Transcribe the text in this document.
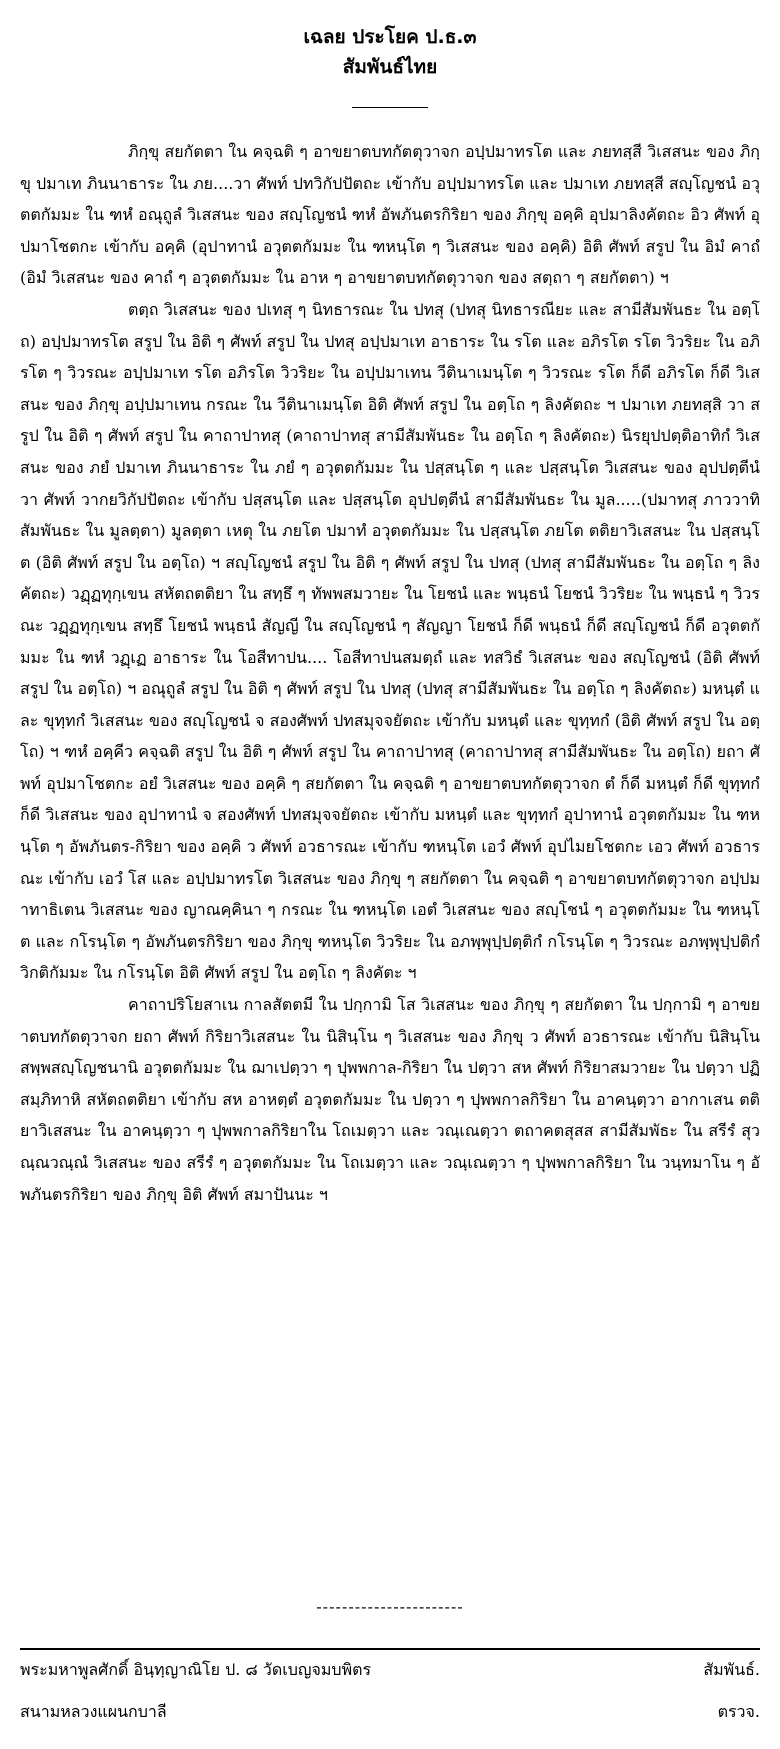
เฉลย ประโยค ป.ธ.๓
สัมพันธ์ไทย

ภิกฺขุ สยกัตตา ใน คจฺฉติ ๆ อาขยาตบทกัตตุวาจก อปฺปมาทรโต และ ภยทสฺสี วิเสสนะ ของ ภิกฺขุ ปมาเท ภินนาธาระ ใน ภย....วา ศัพท์ ปทวิกัปปัตถะ เข้ากับ อปฺปมาทรโต และ ปมาเท ภยทสฺสี สญฺโญชนํ อวุตตกัมมะ ใน ฑหํ อณุถูลํ วิเสสนะ ของ สญฺโญชนํ ฑหํ อัพภันตรกิริยา ของ ภิกฺขุ อคฺคิ อุปมาลิงคัตถะ อิว ศัพท์ อุปมาโชตกะ เข้ากับ อคฺคิ (อุปาทานํ อวุตตกัมมะ ใน ฑหนฺโต ๆ วิเสสนะ ของ อคฺคิ) อิติ ศัพท์ สรูป ใน อิมํ คาถํ (อิมํ วิเสสนะ ของ คาถํ ๆ อวุตตกัมมะ ใน อาห ๆ อาขยาตบทกัตตุวาจก ของ สตฺถา ๆ สยกัตตา) ฯ

ตตฺถ วิเสสนะ ของ ปเทสุ ๆ นิทธารณะ ใน ปทสุ (ปทสุ นิทธารณียะ และ สามีสัมพันธะ ใน อตฺโถ) อปฺปมาทรโต สรูป ใน อิติ ๆ ศัพท์ สรูป ใน ปทสุ อปฺปมาเท อาธาระ ใน รโต และ อภิรโต รโต วิวริยะ ใน อภิรโต ๆ วิวรณะ อปฺปมาเท รโต อภิรโต วิวริยะ ใน อปฺปมาเทน วีตินาเมนฺโต ๆ วิวรณะ รโต ก็ดี อภิรโต ก็ดี วิเสสนะ ของ ภิกฺขุ อปฺปมาเทน กรณะ ใน วีตินาเมนฺโต อิติ ศัพท์ สรูป ใน อตฺโถ ๆ ลิงคัตถะ ฯ ปมาเท ภยทสฺสิ วา สรูป ใน อิติ ๆ ศัพท์ สรูป ใน คาถาปาทสุ (คาถาปาทสุ สามีสัมพันธะ ใน อตฺโถ ๆ ลิงคัตถะ) นิรยุปปตฺติอาทิกํ วิเสสนะ ของ ภยํ ปมาเท ภินนาธาระ ใน ภยํ ๆ อวุตตกัมมะ ใน ปสฺสนฺโต ๆ และ ปสฺสนฺโต วิเสสนะ ของ อุปปตฺตีนํ วา ศัพท์ วากยวิกัปปัตถะ เข้ากับ ปสฺสนฺโต และ ปสฺสนฺโต อุปปตฺตีนํ สามีสัมพันธะ ใน มูล.....(ปมาทสุ ภาววาทิสัมพันธะ ใน มูลตฺตา) มูลตฺตา เหตุ ใน ภยโต ปมาทํ อวุตตกัมมะ ใน ปสฺสนฺโต ภยโต ตติยาวิเสสนะ ใน ปสฺสนฺโต (อิติ ศัพท์ สรูป ใน อตฺโถ) ฯ สญฺโญชนํ สรูป ใน อิติ ๆ ศัพท์ สรูป ใน ปทสุ (ปทสุ สามีสัมพันธะ ใน อตฺโถ ๆ ลิงคัตถะ) วฏฺฏทุกฺเขน สหัตถตติยา ใน สทฺธึ ๆ ทัพพสมวายะ ใน โยชนํ และ พนฺธนํ โยชนํ วิวริยะ ใน พนฺธนํ ๆ วิวรณะ วฏฺฏทุกฺเขน สทฺธึ โยชนํ พนฺธนํ สัญญี ใน สญฺโญชนํ ๆ สัญญา โยชนํ ก็ดี พนฺธนํ ก็ดี สญฺโญชนํ ก็ดี อวุตตกัมมะ ใน ฑหํ วฏฺเฏ อาธาระ ใน โอสีทาปน.... โอสีทาปนสมตฺถํ และ ทสวิธํ วิเสสนะ ของ สญฺโญชนํ (อิติ ศัพท์ สรูป ใน อตฺโถ) ฯ อณุถูลํ สรูป ใน อิติ ๆ ศัพท์ สรูป ใน ปทสุ (ปทสุ สามีสัมพันธะ ใน อตฺโถ ๆ ลิงคัตถะ) มหนฺตํ และ ขุทฺทกํ วิเสสนะ ของ สญฺโญชนํ จ สองศัพท์ ปทสมุจจยัตถะ เข้ากับ มหนฺตํ และ ขุทฺทกํ (อิติ ศัพท์ สรูป ใน อตฺโถ) ฯ ฑหํ อคฺคีว คจฺฉติ สรูป ใน อิติ ๆ ศัพท์ สรูป ใน คาถาปาทสุ (คาถาปาทสุ สามีสัมพันธะ ใน อตฺโถ) ยถา ศัพท์ อุปมาโชตกะ อยํ วิเสสนะ ของ อคฺคิ ๆ สยกัตตา ใน คจฺฉติ ๆ อาขยาตบทกัตตุวาจก ตํ ก็ดี มหนฺตํ ก็ดี ขุทฺทกํ ก็ดี วิเสสนะ ของ อุปาทานํ จ สองศัพท์ ปทสมุจจยัตถะ เข้ากับ มหนฺตํ และ ขุทฺทกํ อุปาทานํ อวุตตกัมมะ ใน ฑหนฺโต ๆ อัพภันตร-กิริยา ของ อคฺคิ ว ศัพท์ อวธารณะ เข้ากับ ฑหนฺโต เอวํ ศัพท์ อุปไมยโชตกะ เอว ศัพท์ อวธารณะ เข้ากับ เอวํ โส และ อปฺปมาทรโต วิเสสนะ ของ ภิกฺขุ ๆ สยกัตตา ใน คจฺฉติ ๆ อาขยาตบทกัตตุวาจก อปฺปมาทาธิเตน วิเสสนะ ของ ญาณคฺคินา ๆ กรณะ ใน ฑหนฺโต เอตํ วิเสสนะ ของ สญฺโชนํ ๆ อวุตตกัมมะ ใน ฑหนฺโต และ กโรนฺโต ๆ อัพภันตรกิริยา ของ ภิกฺขุ ฑหนฺโต วิวริยะ ใน อภพฺพุปฺปตฺติกํ กโรนฺโต ๆ วิวรณะ อภพฺพุปฺปติกํ วิกติกัมมะ ใน กโรนฺโต อิติ ศัพท์ สรูป ใน อตฺโถ ๆ ลิงคัตะ ฯ

คาถาปริโยสาเน กาลสัตตมี ใน ปกฺกามิ โส วิเสสนะ ของ ภิกฺขุ ๆ สยกัตตา ใน ปกฺกามิ ๆ อาขยาตบทกัตตุวาจก ยถา ศัพท์ กิริยาวิเสสนะ ใน นิสินฺโน ๆ วิเสสนะ ของ ภิกฺขุ ว ศัพท์ อวธารณะ เข้ากับ นิสินฺโน สพฺพสญฺโญชนานิ อวุตตกัมมะ ใน ฌาเปตฺวา ๆ ปุพพกาล-กิริยา ใน ปตฺวา สห ศัพท์ กิริยาสมวายะ ใน ปตฺวา ปฏิสมฺภิทาหิ สหัตถตติยา เข้ากับ สห อาหตฺตํ อวุตตกัมมะ ใน ปตฺวา ๆ ปุพพกาลกิริยา ใน อาคนฺตฺวา อากาเสน ตติยาวิเสสนะ ใน อาคนฺตฺวา ๆ ปุพพกาลกิริยาใน โถเมตฺวา และ วณฺเณตฺวา ตถาคตสุสส สามีสัมพัธะ ใน สรีรํ สุวณฺณวณฺณํ วิเสสนะ ของ สรีรํ ๆ อวุตตกัมมะ ใน โถเมตฺวา และ วณฺเณตฺวา ๆ ปุพพกาลกิริยา ใน วนฺทมาโน ๆ อัพภันตรกิริยา ของ ภิกฺขุ อิติ ศัพท์ สมาปันนะ ฯ

-----------------------
พระมหาพูลศักดิ์ อินฺทฺญาณิโย ป. ๘ วัดเบญจมบพิตร	สัมพันธ์.
สนามหลวงแผนกบาลี	ตรวจ.
